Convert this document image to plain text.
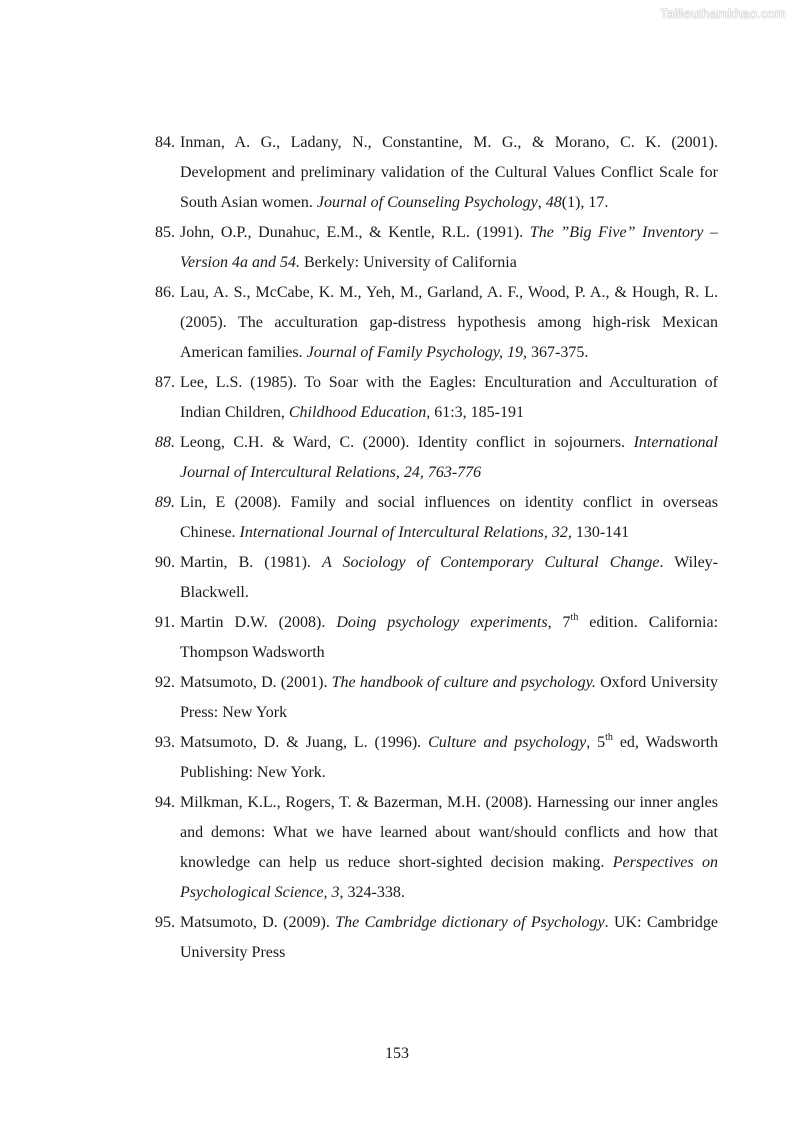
Tailieuthamkhao.com
84. Inman, A. G., Ladany, N., Constantine, M. G., & Morano, C. K. (2001). Development and preliminary validation of the Cultural Values Conflict Scale for South Asian women. Journal of Counseling Psychology, 48(1), 17.
85. John, O.P., Dunahuc, E.M., & Kentle, R.L. (1991). The ”Big Five” Inventory – Version 4a and 54. Berkely: University of California
86. Lau, A. S., McCabe, K. M., Yeh, M., Garland, A. F., Wood, P. A., & Hough, R. L. (2005). The acculturation gap-distress hypothesis among high-risk Mexican American families. Journal of Family Psychology, 19, 367-375.
87. Lee, L.S. (1985). To Soar with the Eagles: Enculturation and Acculturation of Indian Children, Childhood Education, 61:3, 185-191
88. Leong, C.H. & Ward, C. (2000). Identity conflict in sojourners. International Journal of Intercultural Relations, 24, 763-776
89. Lin, E (2008). Family and social influences on identity conflict in overseas Chinese. International Journal of Intercultural Relations, 32, 130-141
90. Martin, B. (1981). A Sociology of Contemporary Cultural Change. Wiley-Blackwell.
91. Martin D.W. (2008). Doing psychology experiments, 7th edition. California: Thompson Wadsworth
92. Matsumoto, D. (2001). The handbook of culture and psychology. Oxford University Press: New York
93. Matsumoto, D. & Juang, L. (1996). Culture and psychology, 5th ed, Wadsworth Publishing: New York.
94. Milkman, K.L., Rogers, T. & Bazerman, M.H. (2008). Harnessing our inner angles and demons: What we have learned about want/should conflicts and how that knowledge can help us reduce short-sighted decision making. Perspectives on Psychological Science, 3, 324-338.
95. Matsumoto, D. (2009). The Cambridge dictionary of Psychology. UK: Cambridge University Press
153
